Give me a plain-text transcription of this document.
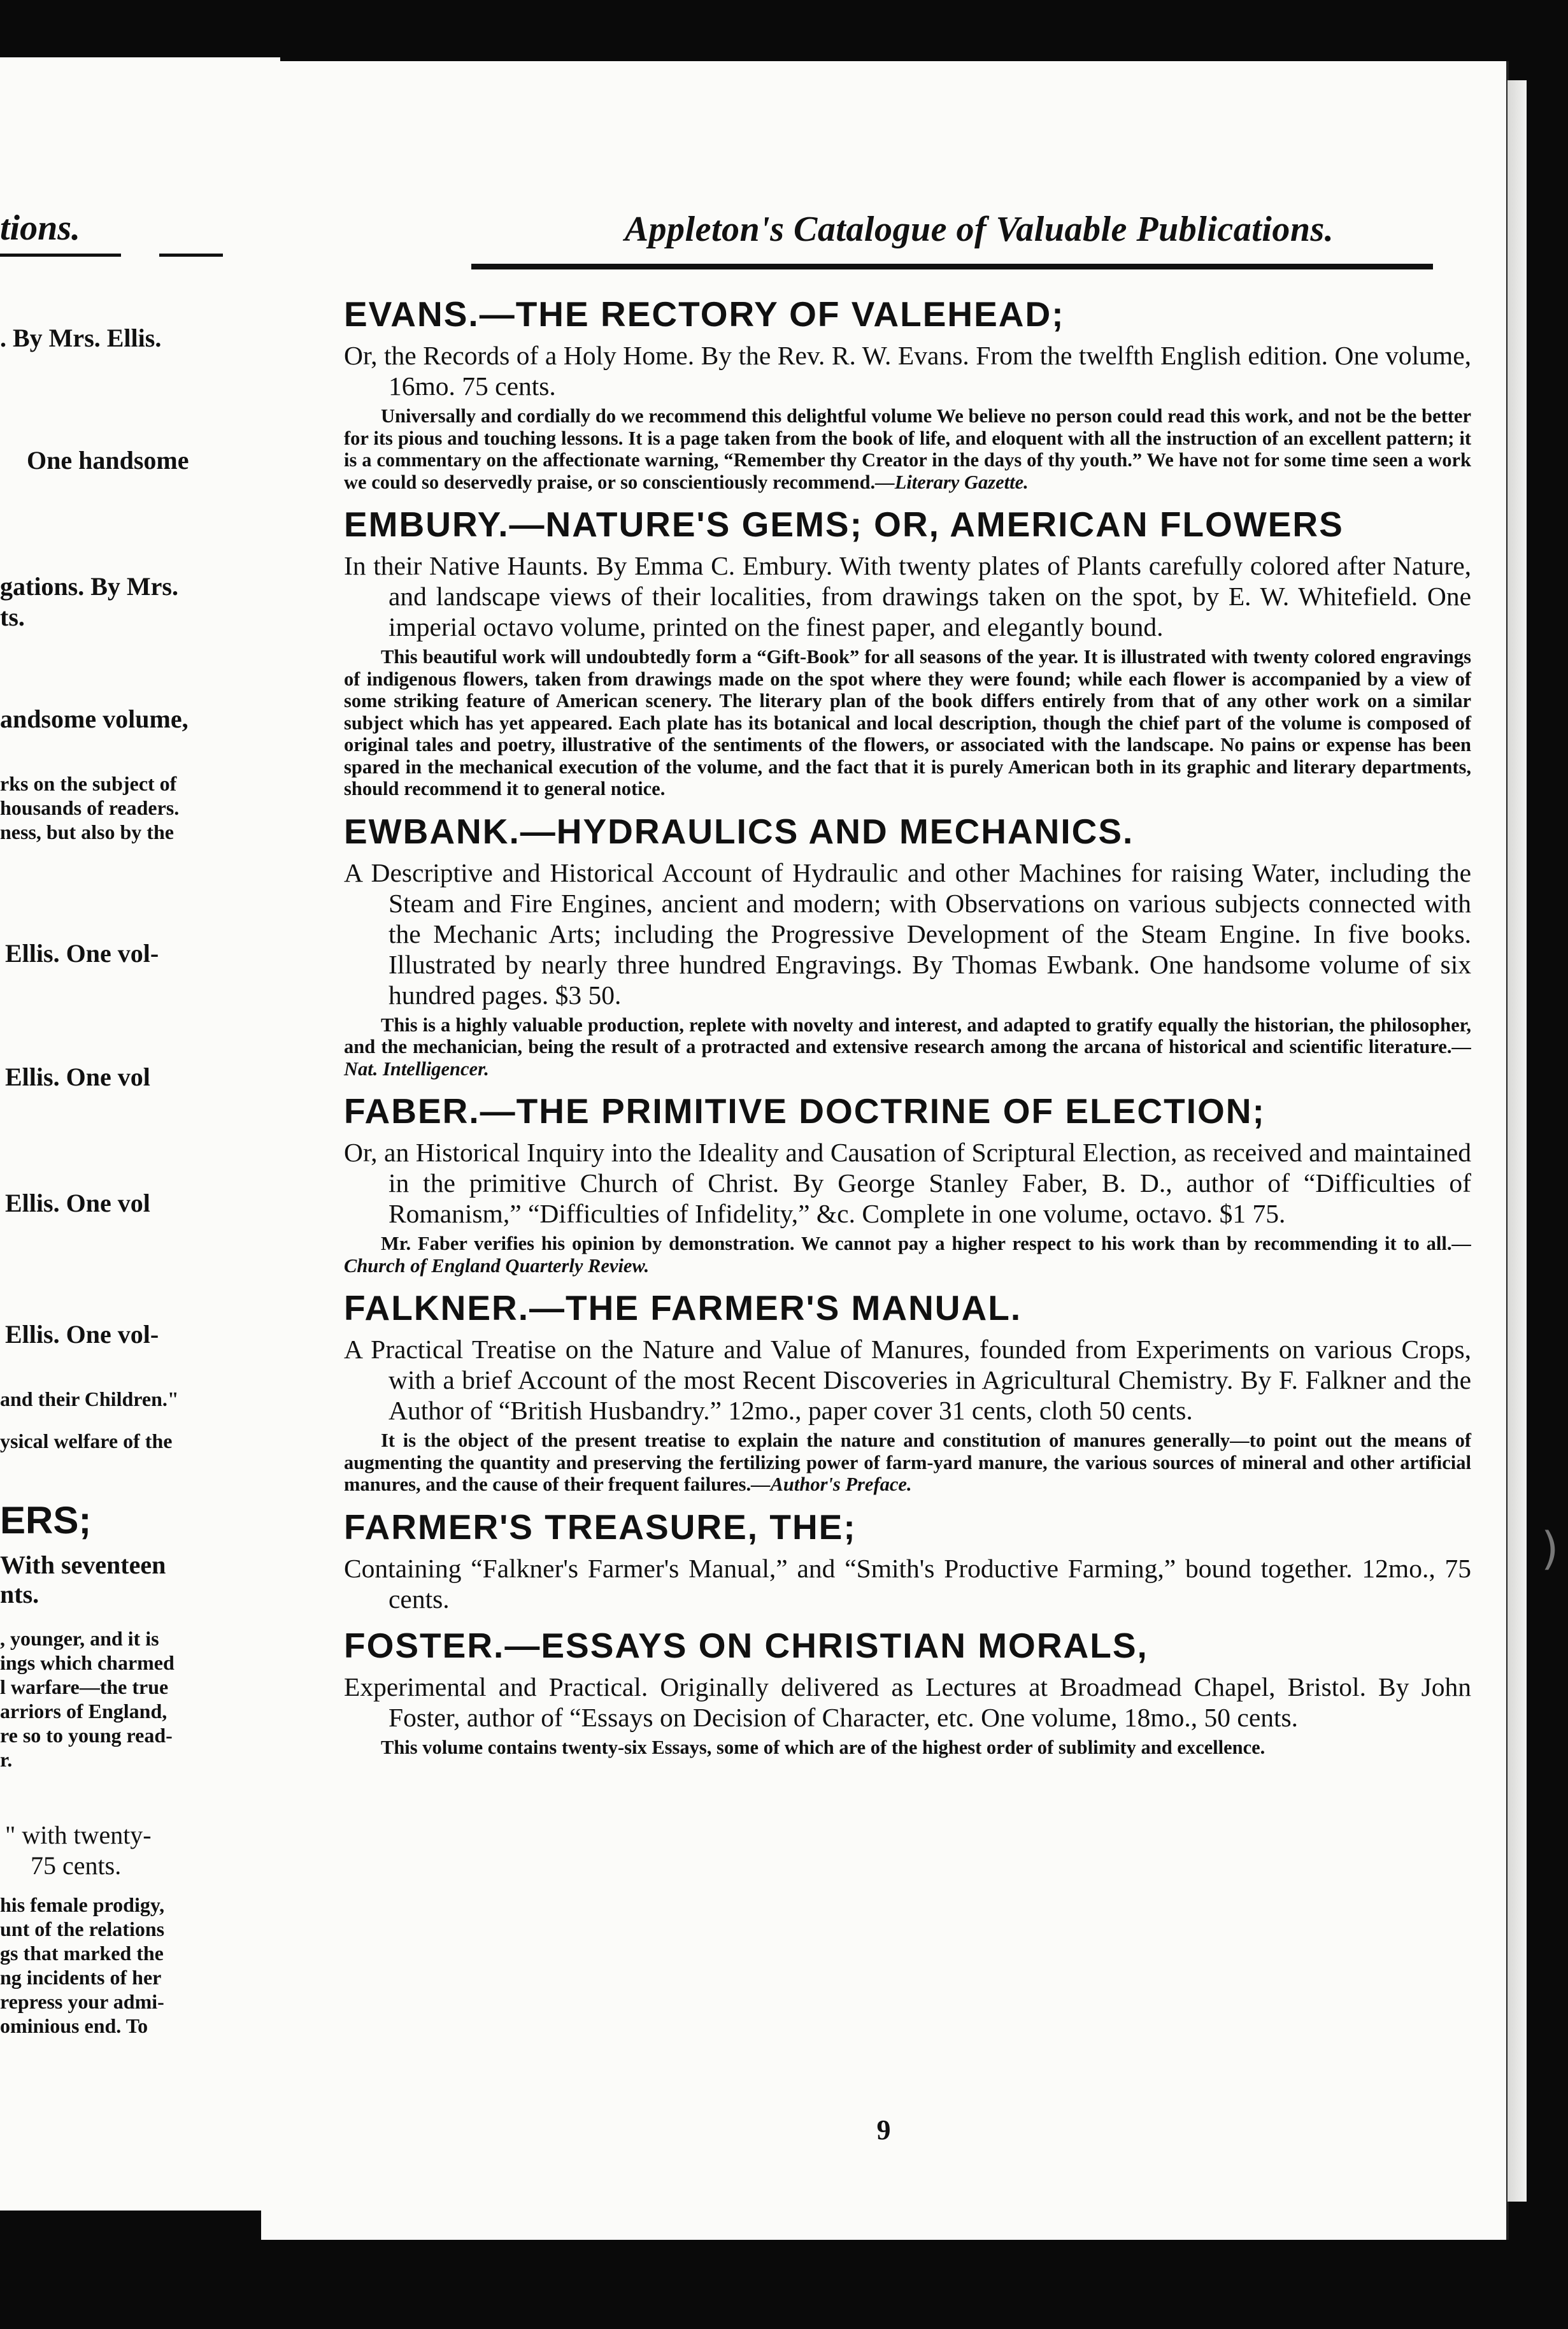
tions.
. By Mrs. Ellis.
One handsome
gations. By Mrs.
ts.
andsome volume,
rks on the subject of
housands of readers.
ness, but also by the
Ellis. One vol-
Ellis. One vol
Ellis. One vol
Ellis. One vol-
and their Children."
ysical welfare of the
ERS;
With seventeen
nts.
, younger, and it is
ings which charmed
l warfare—the true
arriors of England,
re so to young read-
r.
" with twenty-
75 cents.
his female prodigy,
unt of the relations
gs that marked the
ng incidents of her
repress your admi-
ominious end. To
Appleton's Catalogue of Valuable Publications.
EVANS.—THE RECTORY OF VALEHEAD;
Or, the Records of a Holy Home. By the Rev. R. W. Evans. From the twelfth English edition. One volume, 16mo. 75 cents.
Universally and cordially do we recommend this delightful volume We believe no person could read this work, and not be the better for its pious and touching lessons. It is a page taken from the book of life, and eloquent with all the instruction of an excellent pattern; it is a commentary on the affectionate warning, “Remember thy Creator in the days of thy youth.” We have not for some time seen a work we could so deservedly praise, or so conscientiously recommend.—Literary Gazette.
EMBURY.—NATURE'S GEMS; OR, AMERICAN FLOWERS
In their Native Haunts. By Emma C. Embury. With twenty plates of Plants carefully colored after Nature, and landscape views of their localities, from drawings taken on the spot, by E. W. Whitefield. One imperial octavo volume, printed on the finest paper, and elegantly bound.
This beautiful work will undoubtedly form a “Gift-Book” for all seasons of the year. It is illustrated with twenty colored engravings of indigenous flowers, taken from drawings made on the spot where they were found; while each flower is accompanied by a view of some striking feature of American scenery. The literary plan of the book differs entirely from that of any other work on a similar subject which has yet appeared. Each plate has its botanical and local description, though the chief part of the volume is composed of original tales and poetry, illustrative of the sentiments of the flowers, or associated with the landscape. No pains or expense has been spared in the mechanical execution of the volume, and the fact that it is purely American both in its graphic and literary departments, should recommend it to general notice.
EWBANK.—HYDRAULICS AND MECHANICS.
A Descriptive and Historical Account of Hydraulic and other Machines for raising Water, including the Steam and Fire Engines, ancient and modern; with Observations on various subjects connected with the Mechanic Arts; including the Progressive Development of the Steam Engine. In five books. Illustrated by nearly three hundred Engravings. By Thomas Ewbank. One handsome volume of six hundred pages. $3 50.
This is a highly valuable production, replete with novelty and interest, and adapted to gratify equally the historian, the philosopher, and the mechanician, being the result of a protracted and extensive research among the arcana of historical and scientific literature.—Nat. Intelligencer.
FABER.—THE PRIMITIVE DOCTRINE OF ELECTION;
Or, an Historical Inquiry into the Ideality and Causation of Scriptural Election, as received and maintained in the primitive Church of Christ. By George Stanley Faber, B. D., author of “Difficulties of Romanism,” “Difficulties of Infidelity,” &c. Complete in one volume, octavo. $1 75.
Mr. Faber verifies his opinion by demonstration. We cannot pay a higher respect to his work than by recommending it to all.—Church of England Quarterly Review.
FALKNER.—THE FARMER'S MANUAL.
A Practical Treatise on the Nature and Value of Manures, founded from Experiments on various Crops, with a brief Account of the most Recent Discoveries in Agricultural Chemistry. By F. Falkner and the Author of “British Husbandry.” 12mo., paper cover 31 cents, cloth 50 cents.
It is the object of the present treatise to explain the nature and constitution of manures generally—to point out the means of augmenting the quantity and preserving the fertilizing power of farm-yard manure, the various sources of mineral and other artificial manures, and the cause of their frequent failures.—Author's Preface.
FARMER'S TREASURE, THE;
Containing “Falkner's Farmer's Manual,” and “Smith's Productive Farming,” bound together. 12mo., 75 cents.
FOSTER.—ESSAYS ON CHRISTIAN MORALS,
Experimental and Practical. Originally delivered as Lectures at Broadmead Chapel, Bristol. By John Foster, author of “Essays on Decision of Character, etc. One volume, 18mo., 50 cents.
This volume contains twenty-six Essays, some of which are of the highest order of sublimity and excellence.
9
)
